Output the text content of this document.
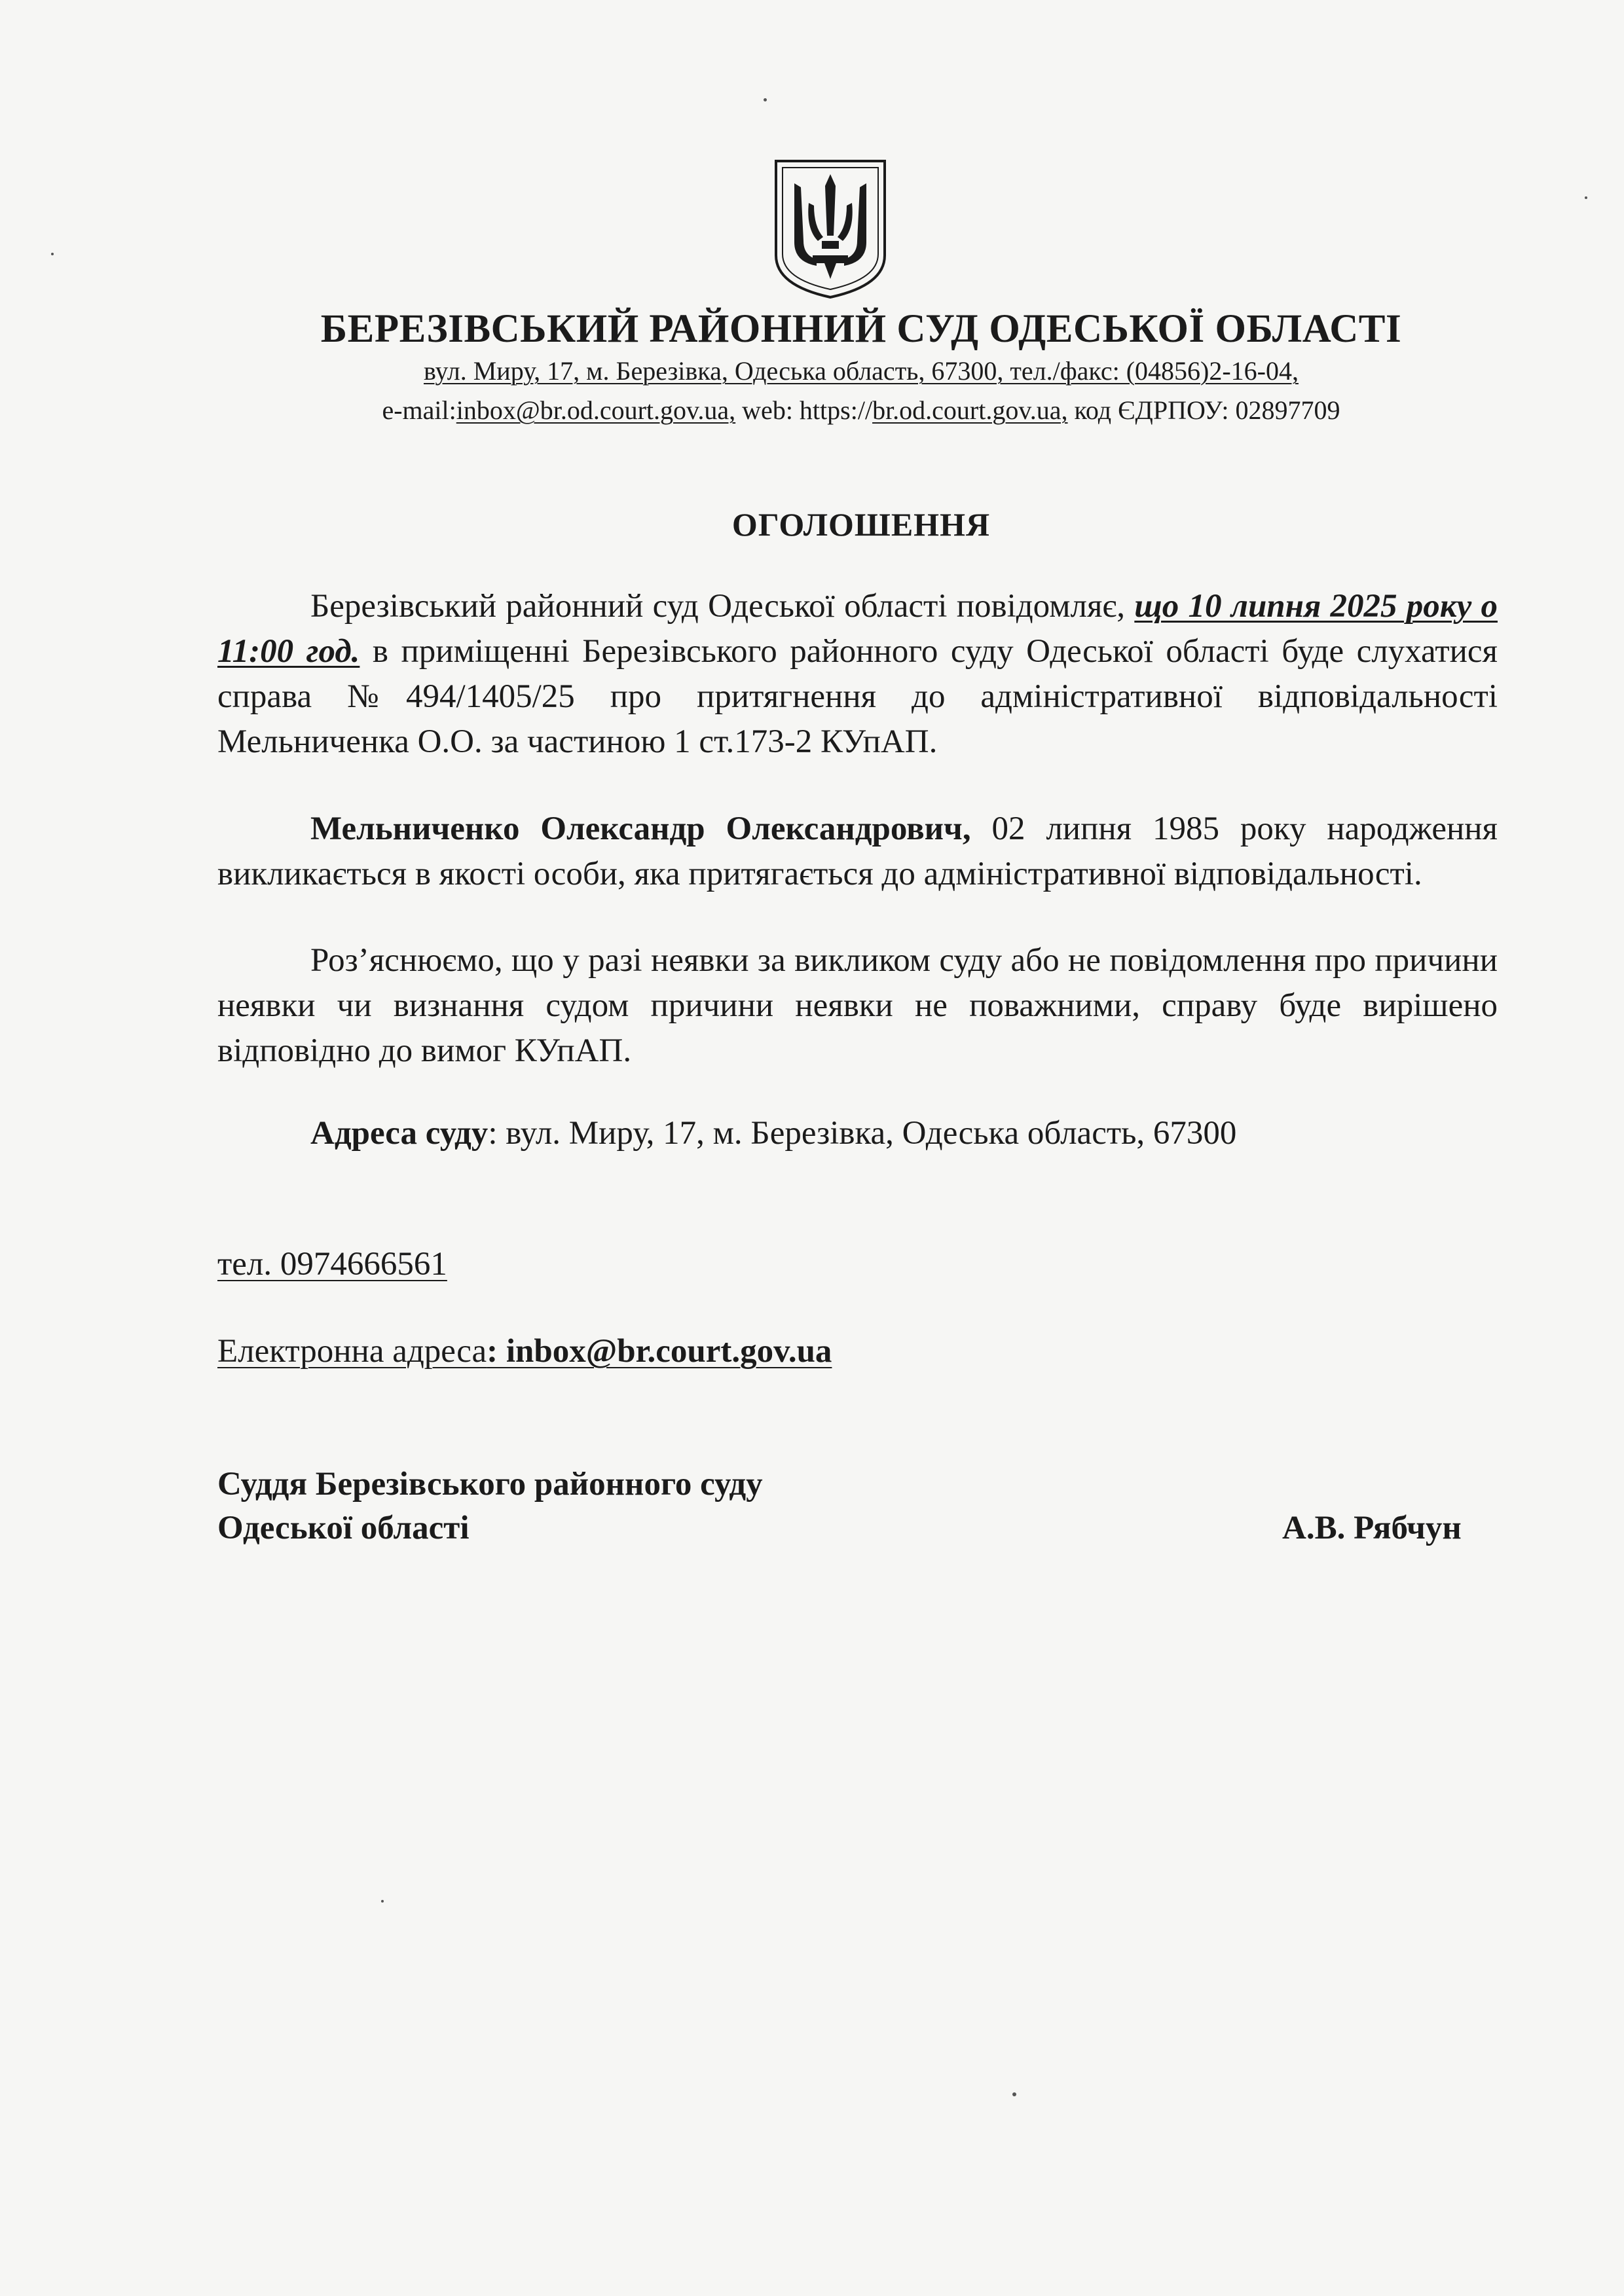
БЕРЕЗІВСЬКИЙ РАЙОННИЙ СУД ОДЕСЬКОЇ ОБЛАСТІ
вул. Миру, 17, м. Березівка, Одеська область, 67300, тел./факс: (04856)2-16-04,
e-mail:inbox@br.od.court.gov.ua, web: https://br.od.court.gov.ua, код ЄДРПОУ: 02897709
ОГОЛОШЕННЯ
Березівський районний суд Одеської області повідомляє, що 10 липня 2025 року о 11:00 год. в приміщенні Березівського районного суду Одеської області буде слухатися справа №494/1405/25 про притягнення до адміністративної відповідальності Мельниченка О.О. за частиною 1 ст.173-2 КУпАП.
Мельниченко Олександр Олександрович, 02 липня 1985 року народження викликається в якості особи, яка притягається до адміністративної відповідальності.
Роз’яснюємо, що у разі неявки за викликом суду або не повідомлення про причини неявки чи визнання судом причини неявки не поважними, справу буде вирішено відповідно до вимог КУпАП.
Адреса суду: вул. Миру, 17, м. Березівка, Одеська область, 67300
тел. 0974666561
Електронна адреса: inbox@br.court.gov.ua
Суддя Березівського районного суду
Одеської області	А.В. Рябчун
